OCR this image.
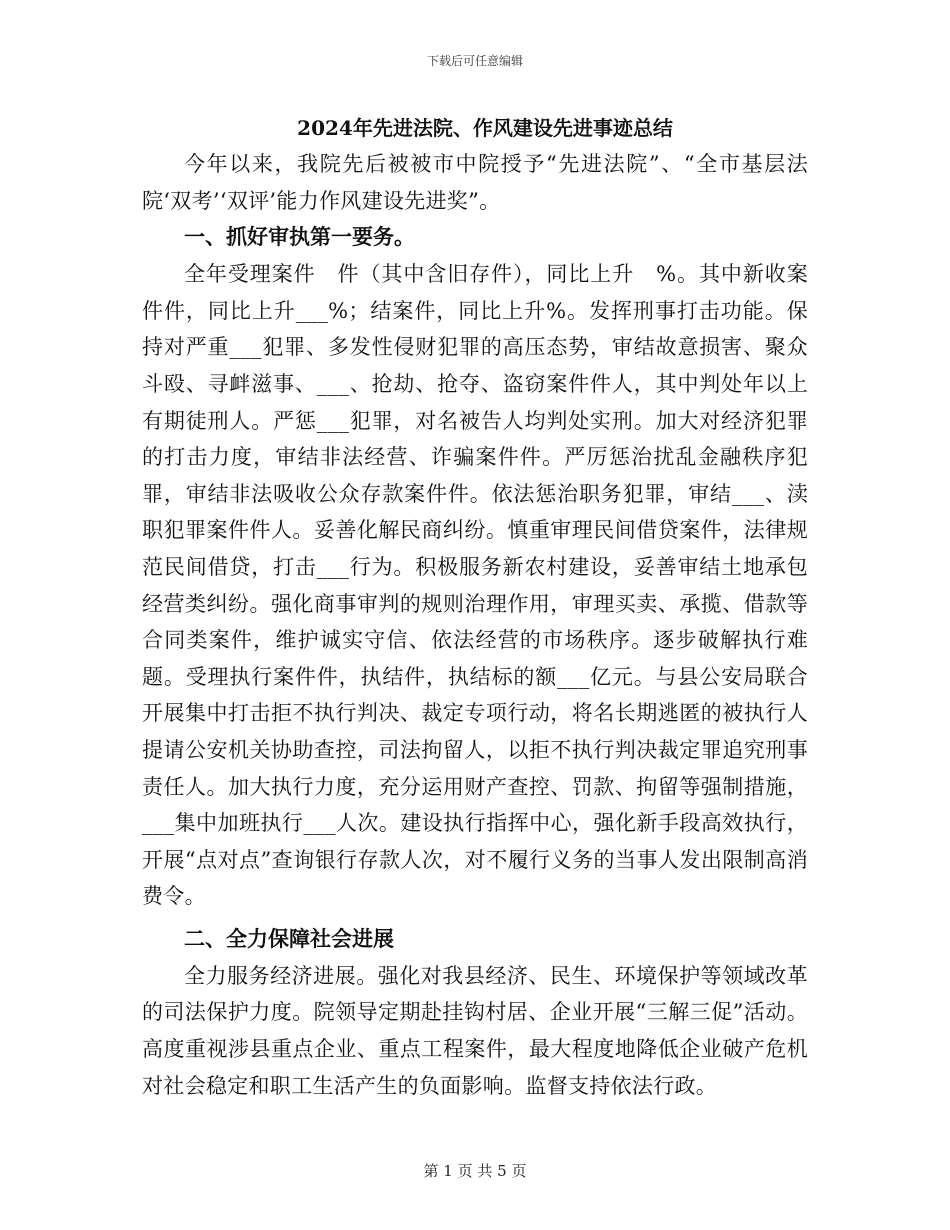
下载后可任意编辑
2024年先进法院、作风建设先进事迹总结

今年以来，我院先后被被市中院授予“先进法院”、“全市基层法院‘双考’‘双评’能力作风建设先进奖”。

一、抓好审执第一要务。

全年受理案件　件（其中含旧存件），同比上升　%。其中新收案件件，同比上升___%；结案件，同比上升%。发挥刑事打击功能。保持对严重___犯罪、多发性侵财犯罪的高压态势，审结故意损害、聚众斗殴、寻衅滋事、___、抢劫、抢夺、盗窃案件件人，其中判处年以上有期徒刑人。严惩___犯罪，对名被告人均判处实刑。加大对经济犯罪的打击力度，审结非法经营、诈骗案件件。严厉惩治扰乱金融秩序犯罪，审结非法吸收公众存款案件件。依法惩治职务犯罪，审结___、渎职犯罪案件件人。妥善化解民商纠纷。慎重审理民间借贷案件，法律规范民间借贷，打击___行为。积极服务新农村建设，妥善审结土地承包经营类纠纷。强化商事审判的规则治理作用，审理买卖、承揽、借款等合同类案件，维护诚实守信、依法经营的市场秩序。逐步破解执行难题。受理执行案件件，执结件，执结标的额___亿元。与县公安局联合开展集中打击拒不执行判决、裁定专项行动，将名长期逃匿的被执行人提请公安机关协助查控，司法拘留人，以拒不执行判决裁定罪追究刑事责任人。加大执行力度，充分运用财产查控、罚款、拘留等强制措施，___集中加班执行___人次。建设执行指挥中心，强化新手段高效执行，开展“点对点”查询银行存款人次，对不履行义务的当事人发出限制高消费令。

二、全力保障社会进展

全力服务经济进展。强化对我县经济、民生、环境保护等领域改革的司法保护力度。院领导定期赴挂钩村居、企业开展“三解三促”活动。高度重视涉县重点企业、重点工程案件，最大程度地降低企业破产危机对社会稳定和职工生活产生的负面影响。监督支持依法行政。

第 1 页 共 5 页
